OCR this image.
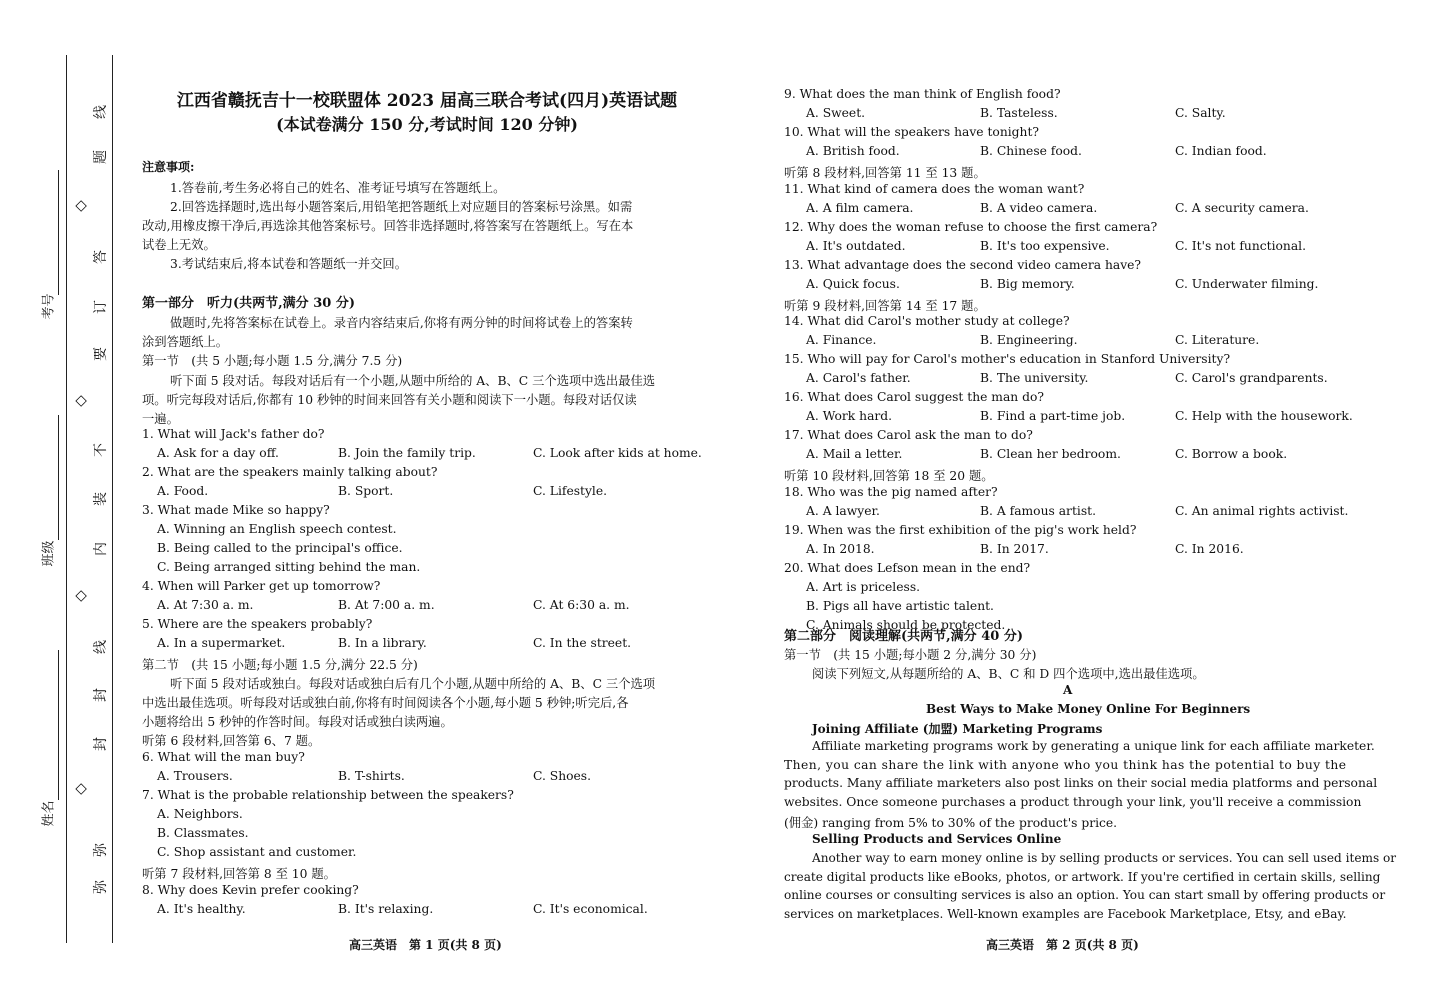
线
题
答
订
要
不
装
内
线
封
封
弥
弥
◇
◇
◇
◇
考号
班级
姓名
江西省赣抚吉十一校联盟体 2023 届高三联合考试(四月)英语试题
(本试卷满分 150 分,考试时间 120 分钟)
注意事项:
1.答卷前,考生务必将自己的姓名、准考证号填写在答题纸上。
2.回答选择题时,选出每小题答案后,用铅笔把答题纸上对应题目的答案标号涂黑。如需
改动,用橡皮擦干净后,再选涂其他答案标号。回答非选择题时,将答案写在答题纸上。写在本
试卷上无效。
3.考试结束后,将本试卷和答题纸一并交回。
第一部分　听力(共两节,满分 30 分)
做题时,先将答案标在试卷上。录音内容结束后,你将有两分钟的时间将试卷上的答案转
涂到答题纸上。
第一节　(共 5 小题;每小题 1.5 分,满分 7.5 分)
听下面 5 段对话。每段对话后有一个小题,从题中所给的 A、B、C 三个选项中选出最佳选
项。听完每段对话后,你都有 10 秒钟的时间来回答有关小题和阅读下一小题。每段对话仅读
一遍。
1. What will Jack's father do?
A. Ask for a day off.	B. Join the family trip.	C. Look after kids at home.
2. What are the speakers mainly talking about?
A. Food.	B. Sport.	C. Lifestyle.
3. What made Mike so happy?
A. Winning an English speech contest.
B. Being called to the principal's office.
C. Being arranged sitting behind the man.
4. When will Parker get up tomorrow?
A. At 7:30 a. m.	B. At 7:00 a. m.	C. At 6:30 a. m.
5. Where are the speakers probably?
A. In a supermarket.	B. In a library.	C. In the street.
第二节　(共 15 小题;每小题 1.5 分,满分 22.5 分)
听下面 5 段对话或独白。每段对话或独白后有几个小题,从题中所给的 A、B、C 三个选项
中选出最佳选项。听每段对话或独白前,你将有时间阅读各个小题,每小题 5 秒钟;听完后,各
小题将给出 5 秒钟的作答时间。每段对话或独白读两遍。
听第 6 段材料,回答第 6、7 题。
6. What will the man buy?
A. Trousers.	B. T-shirts.	C. Shoes.
7. What is the probable relationship between the speakers?
A. Neighbors.
B. Classmates.
C. Shop assistant and customer.
听第 7 段材料,回答第 8 至 10 题。
8. Why does Kevin prefer cooking?
A. It's healthy.	B. It's relaxing.	C. It's economical.
9. What does the man think of English food?
A. Sweet.	B. Tasteless.	C. Salty.
10. What will the speakers have tonight?
A. British food.	B. Chinese food.	C. Indian food.
听第 8 段材料,回答第 11 至 13 题。
11. What kind of camera does the woman want?
A. A film camera.	B. A video camera.	C. A security camera.
12. Why does the woman refuse to choose the first camera?
A. It's outdated.	B. It's too expensive.	C. It's not functional.
13. What advantage does the second video camera have?
A. Quick focus.	B. Big memory.	C. Underwater filming.
听第 9 段材料,回答第 14 至 17 题。
14. What did Carol's mother study at college?
A. Finance.	B. Engineering.	C. Literature.
15. Who will pay for Carol's mother's education in Stanford University?
A. Carol's father.	B. The university.	C. Carol's grandparents.
16. What does Carol suggest the man do?
A. Work hard.	B. Find a part-time job.	C. Help with the housework.
17. What does Carol ask the man to do?
A. Mail a letter.	B. Clean her bedroom.	C. Borrow a book.
听第 10 段材料,回答第 18 至 20 题。
18. Who was the pig named after?
A. A lawyer.	B. A famous artist.	C. An animal rights activist.
19. When was the first exhibition of the pig's work held?
A. In 2018.	B. In 2017.	C. In 2016.
20. What does Lefson mean in the end?
A. Art is priceless.
B. Pigs all have artistic talent.
C. Animals should be protected.
第二部分　阅读理解(共两节,满分 40 分)
第一节　(共 15 小题;每小题 2 分,满分 30 分)
阅读下列短文,从每题所给的 A、B、C 和 D 四个选项中,选出最佳选项。
A
Best Ways to Make Money Online For Beginners
Joining Affiliate (加盟) Marketing Programs
Affiliate marketing programs work by generating a unique link for each affiliate marketer.
Then, you can share the link with anyone who you think has the potential to buy the
products. Many affiliate marketers also post links on their social media platforms and personal
websites. Once someone purchases a product through your link, you'll receive a commission
(佣金) ranging from 5% to 30% of the product's price.
Selling Products and Services Online
Another way to earn money online is by selling products or services. You can sell used items or
create digital products like eBooks, photos, or artwork. If you're certified in certain skills, selling
online courses or consulting services is also an option. You can start small by offering products or
services on marketplaces. Well-known examples are Facebook Marketplace, Etsy, and eBay.
高三英语　第 1 页(共 8 页)	高三英语　第 2 页(共 8 页)
